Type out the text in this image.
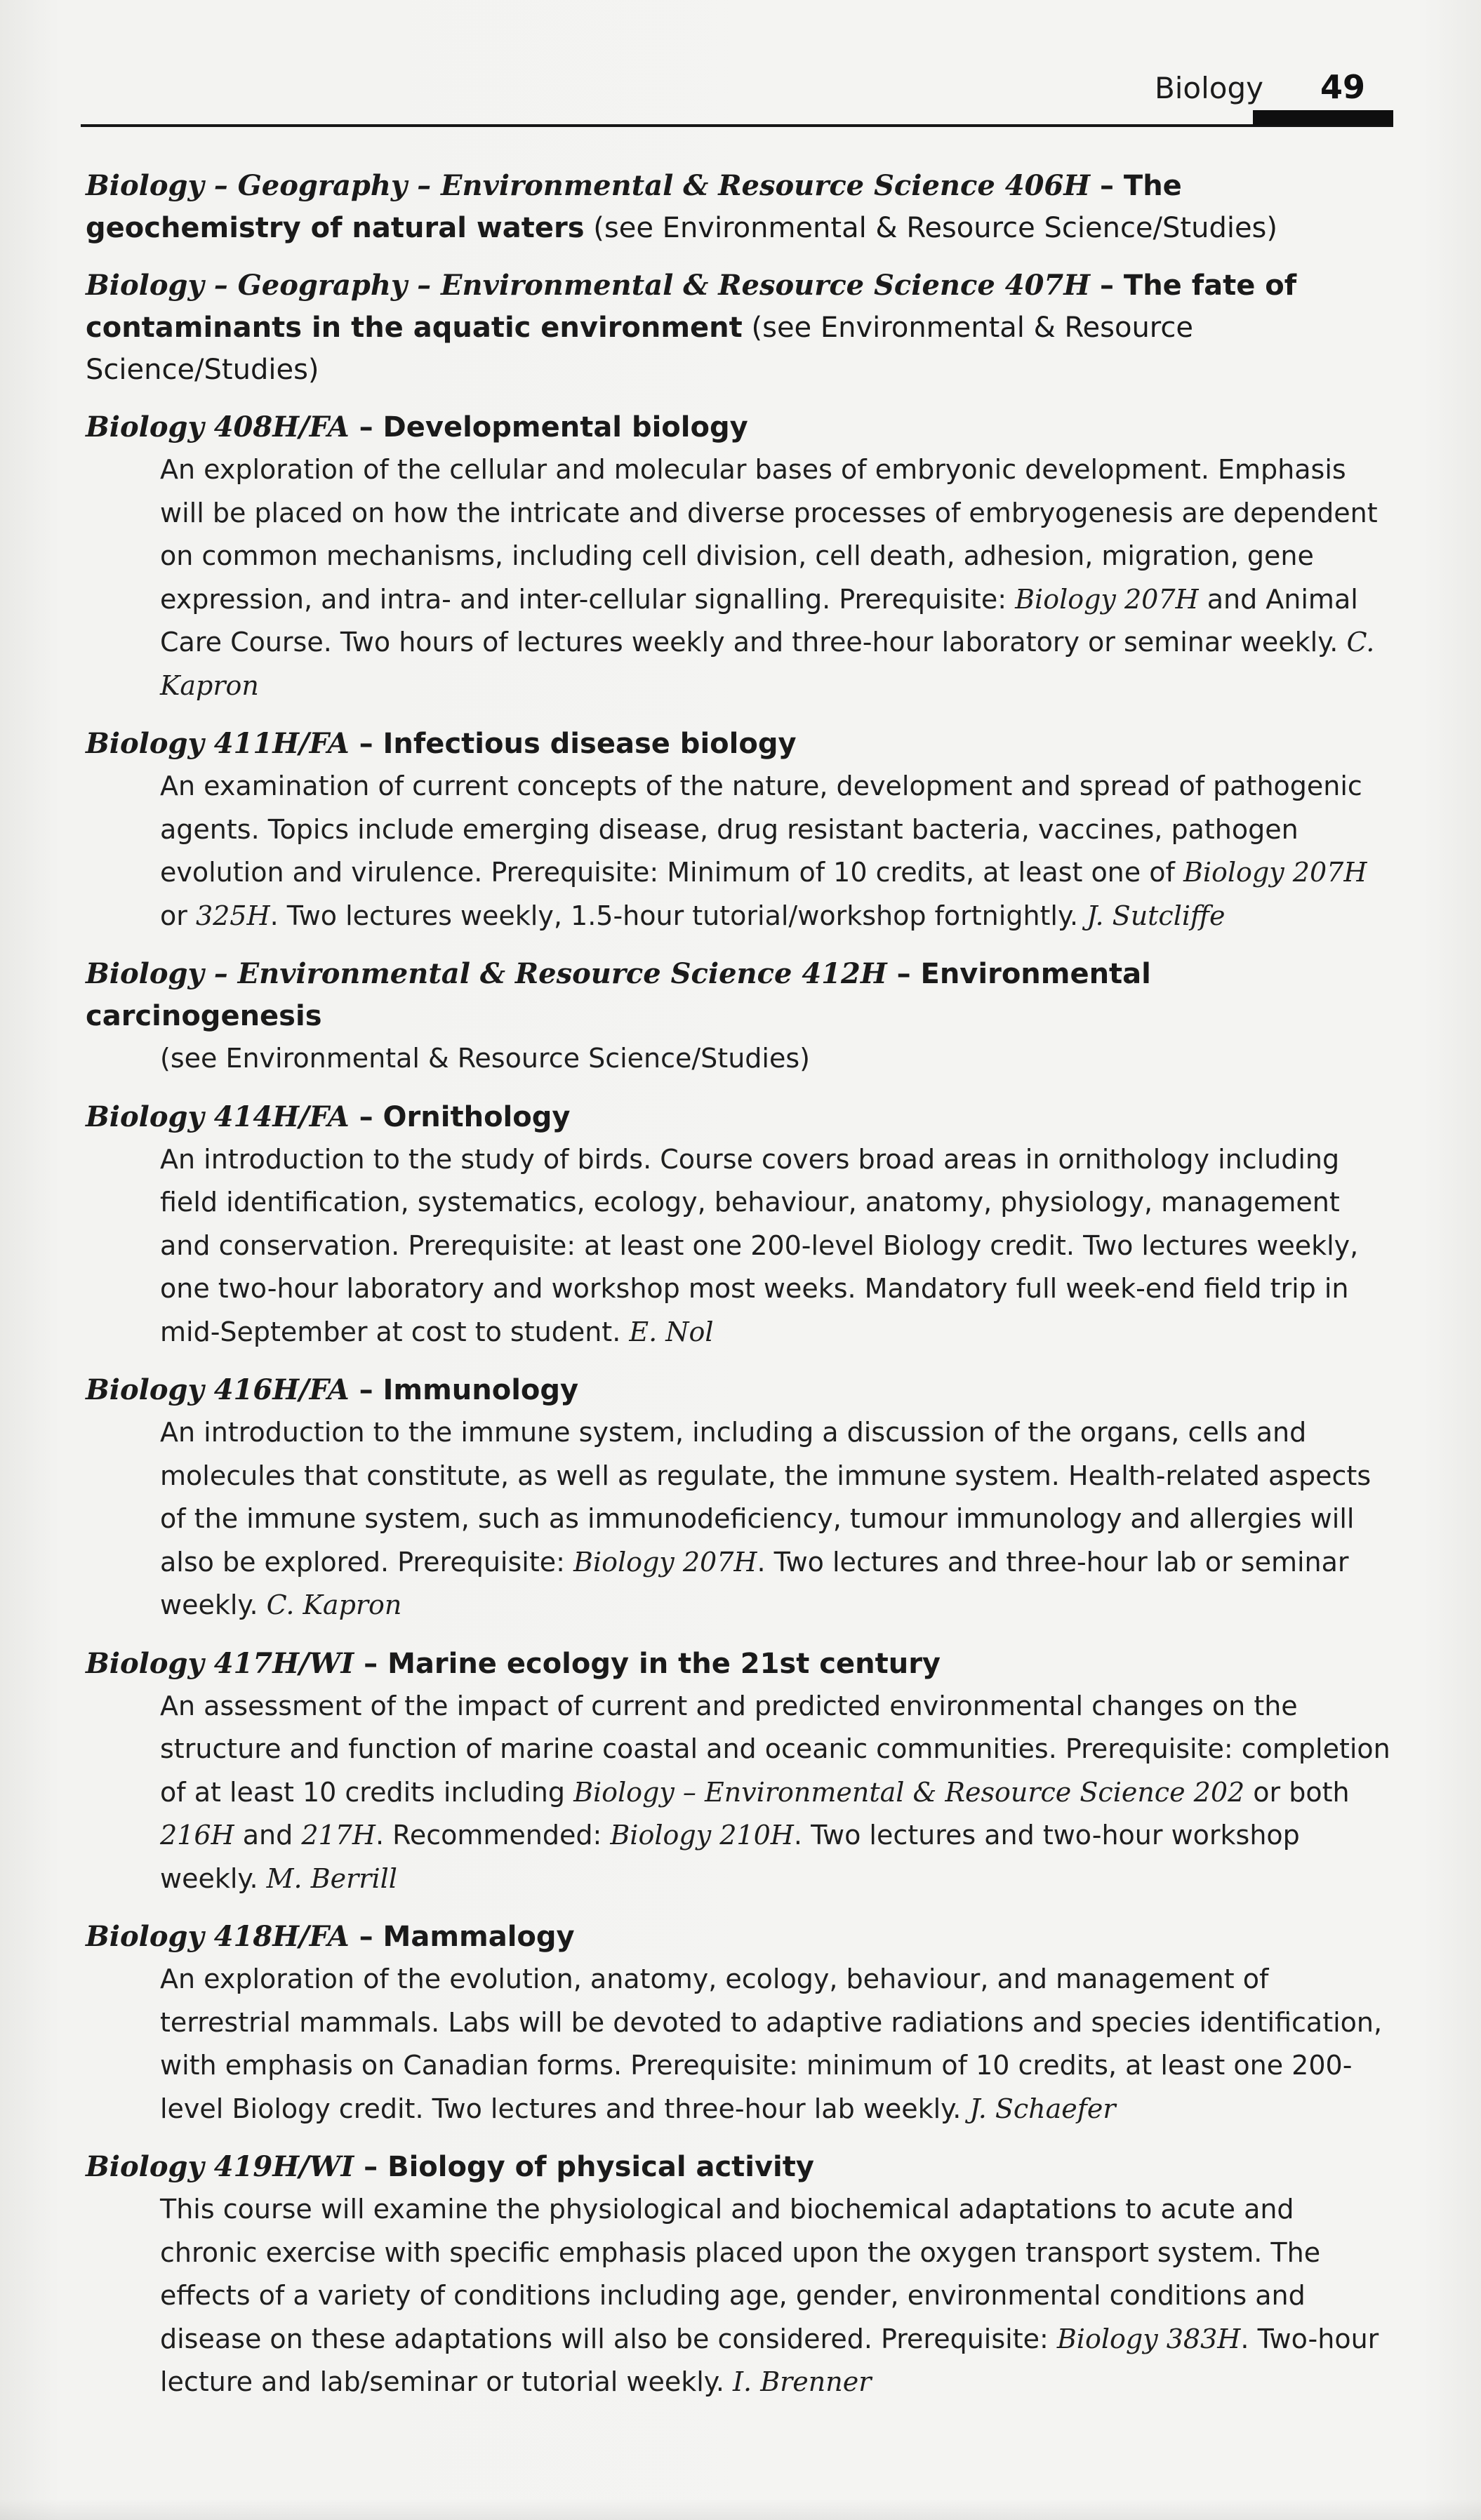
Biology 49

Biology – Geography – Environmental & Resource Science 406H – The geochemistry of natural waters (see Environmental & Resource Science/Studies)

Biology – Geography – Environmental & Resource Science 407H – The fate of contaminants in the aquatic environment (see Environmental & Resource Science/Studies)

Biology 408H/FA – Developmental biology

An exploration of the cellular and molecular bases of embryonic development. Emphasis will be placed on how the intricate and diverse processes of embryogenesis are dependent on common mechanisms, including cell division, cell death, adhesion, migration, gene expression, and intra- and inter-cellular signalling. Prerequisite: Biology 207H and Animal Care Course. Two hours of lectures weekly and three-hour laboratory or seminar weekly. C. Kapron

Biology 411H/FA – Infectious disease biology

An examination of current concepts of the nature, development and spread of pathogenic agents. Topics include emerging disease, drug resistant bacteria, vaccines, pathogen evolution and virulence. Prerequisite: Minimum of 10 credits, at least one of Biology 207H or 325H. Two lectures weekly, 1.5-hour tutorial/workshop fortnightly. J. Sutcliffe

Biology – Environmental & Resource Science 412H – Environmental carcinogenesis

(see Environmental & Resource Science/Studies)

Biology 414H/FA – Ornithology

An introduction to the study of birds. Course covers broad areas in ornithology including field identification, systematics, ecology, behaviour, anatomy, physiology, management and conservation. Prerequisite: at least one 200-level Biology credit. Two lectures weekly, one two-hour laboratory and workshop most weeks. Mandatory full week-end field trip in mid-September at cost to student. E. Nol

Biology 416H/FA – Immunology

An introduction to the immune system, including a discussion of the organs, cells and molecules that constitute, as well as regulate, the immune system. Health-related aspects of the immune system, such as immunodeficiency, tumour immunology and allergies will also be explored. Prerequisite: Biology 207H. Two lectures and three-hour lab or seminar weekly. C. Kapron

Biology 417H/WI – Marine ecology in the 21st century

An assessment of the impact of current and predicted environmental changes on the structure and function of marine coastal and oceanic communities. Prerequisite: completion of at least 10 credits including Biology – Environmental & Resource Science 202 or both 216H and 217H. Recommended: Biology 210H. Two lectures and two-hour workshop weekly. M. Berrill

Biology 418H/FA – Mammalogy

An exploration of the evolution, anatomy, ecology, behaviour, and management of terrestrial mammals. Labs will be devoted to adaptive radiations and species identification, with emphasis on Canadian forms. Prerequisite: minimum of 10 credits, at least one 200-level Biology credit. Two lectures and three-hour lab weekly. J. Schaefer

Biology 419H/WI – Biology of physical activity

This course will examine the physiological and biochemical adaptations to acute and chronic exercise with specific emphasis placed upon the oxygen transport system. The effects of a variety of conditions including age, gender, environmental conditions and disease on these adaptations will also be considered. Prerequisite: Biology 383H. Two-hour lecture and lab/seminar or tutorial weekly. I. Brenner
